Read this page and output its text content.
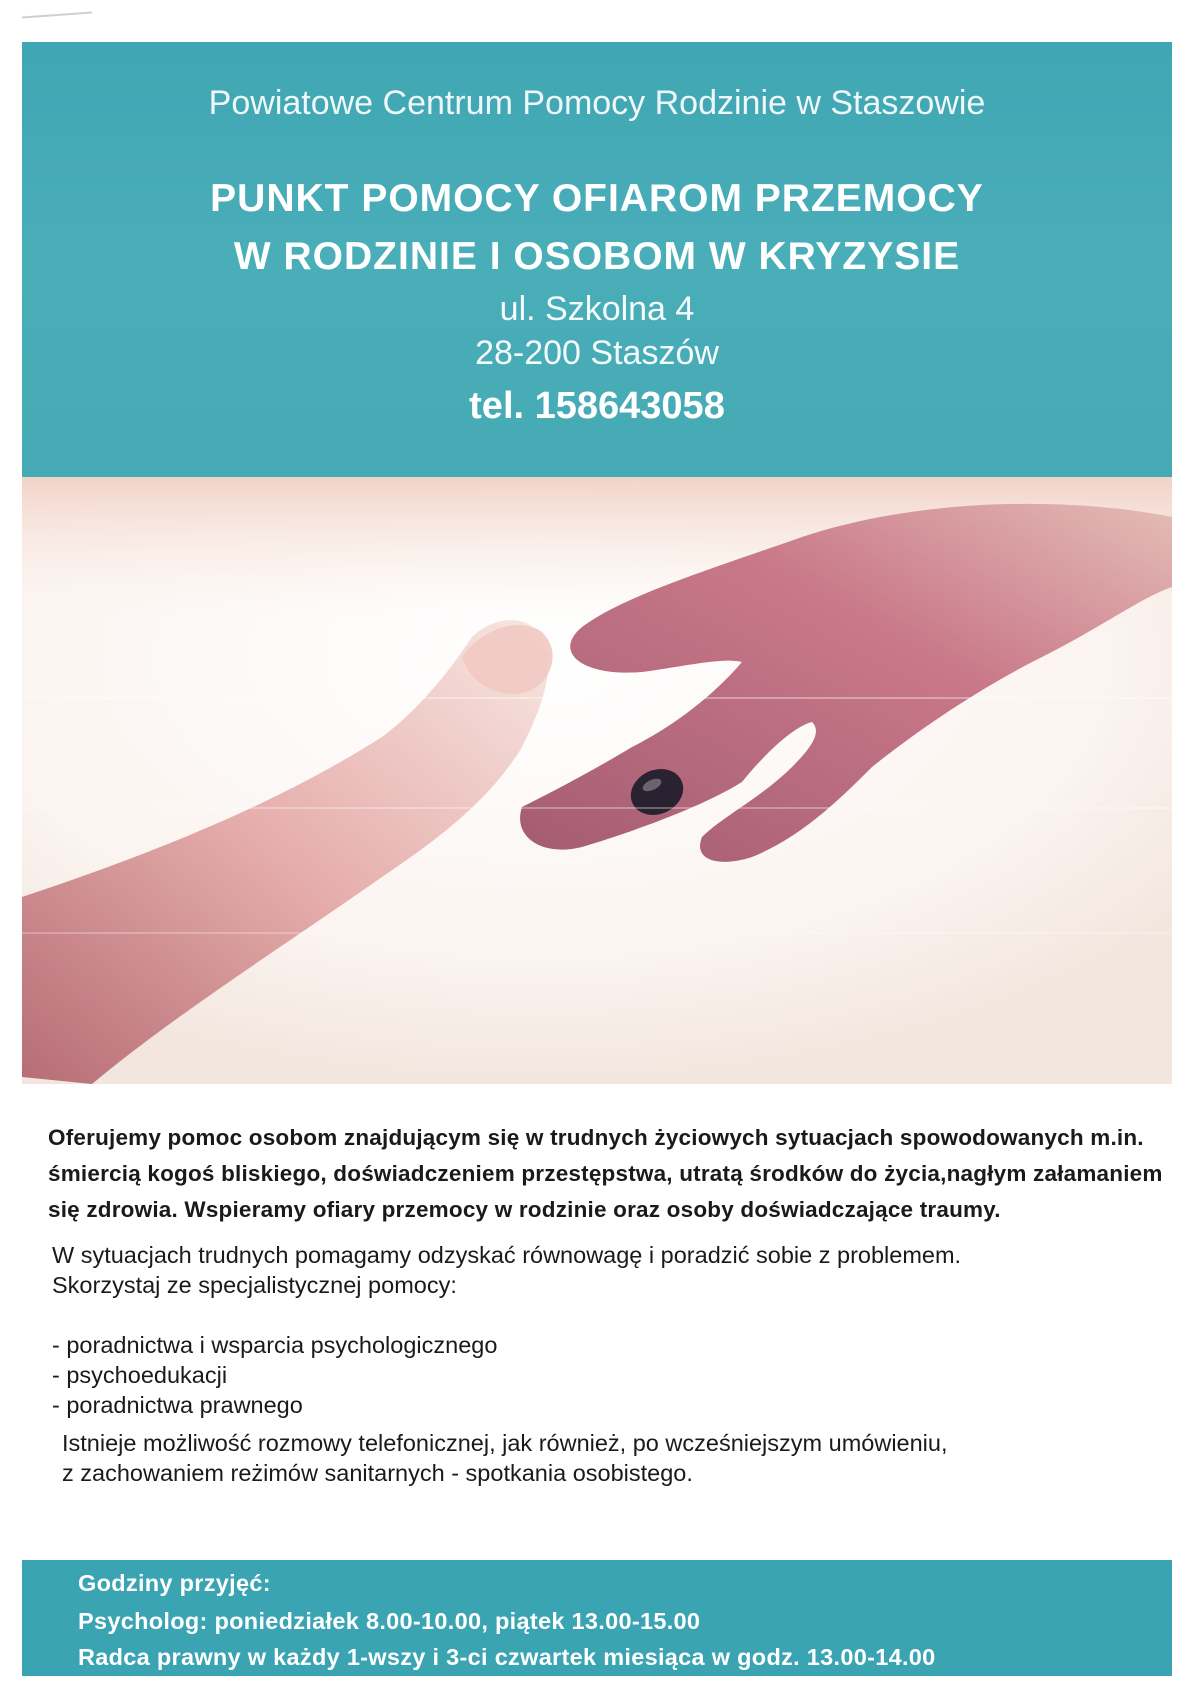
Powiatowe Centrum Pomocy Rodzinie w Staszowie
PUNKT POMOCY OFIAROM PRZEMOCY
W RODZINIE I OSOBOM W KRYZYSIE
ul. Szkolna 4
28-200 Staszów
tel. 158643058

Oferujemy pomoc osobom znajdującym się w trudnych życiowych sytuacjach spowodowanych m.in. śmiercią kogoś bliskiego, doświadczeniem przestępstwa, utratą środków do życia,nagłym załamaniem się zdrowia. Wspieramy ofiary przemocy w rodzinie oraz osoby doświadczające traumy.

W sytuacjach trudnych pomagamy odzyskać równowagę i poradzić sobie z problemem.

Skorzystaj ze specjalistycznej pomocy:

- poradnictwa i wsparcia psychologicznego
- psychoedukacji
- poradnictwa prawnego

Istnieje możliwość rozmowy telefonicznej, jak również, po wcześniejszym umówieniu,

z zachowaniem reżimów sanitarnych - spotkania osobistego.

Godziny przyjęć:
Psycholog: poniedziałek 8.00-10.00, piątek 13.00-15.00
Radca prawny w każdy 1-wszy i 3-ci czwartek miesiąca w godz. 13.00-14.00
